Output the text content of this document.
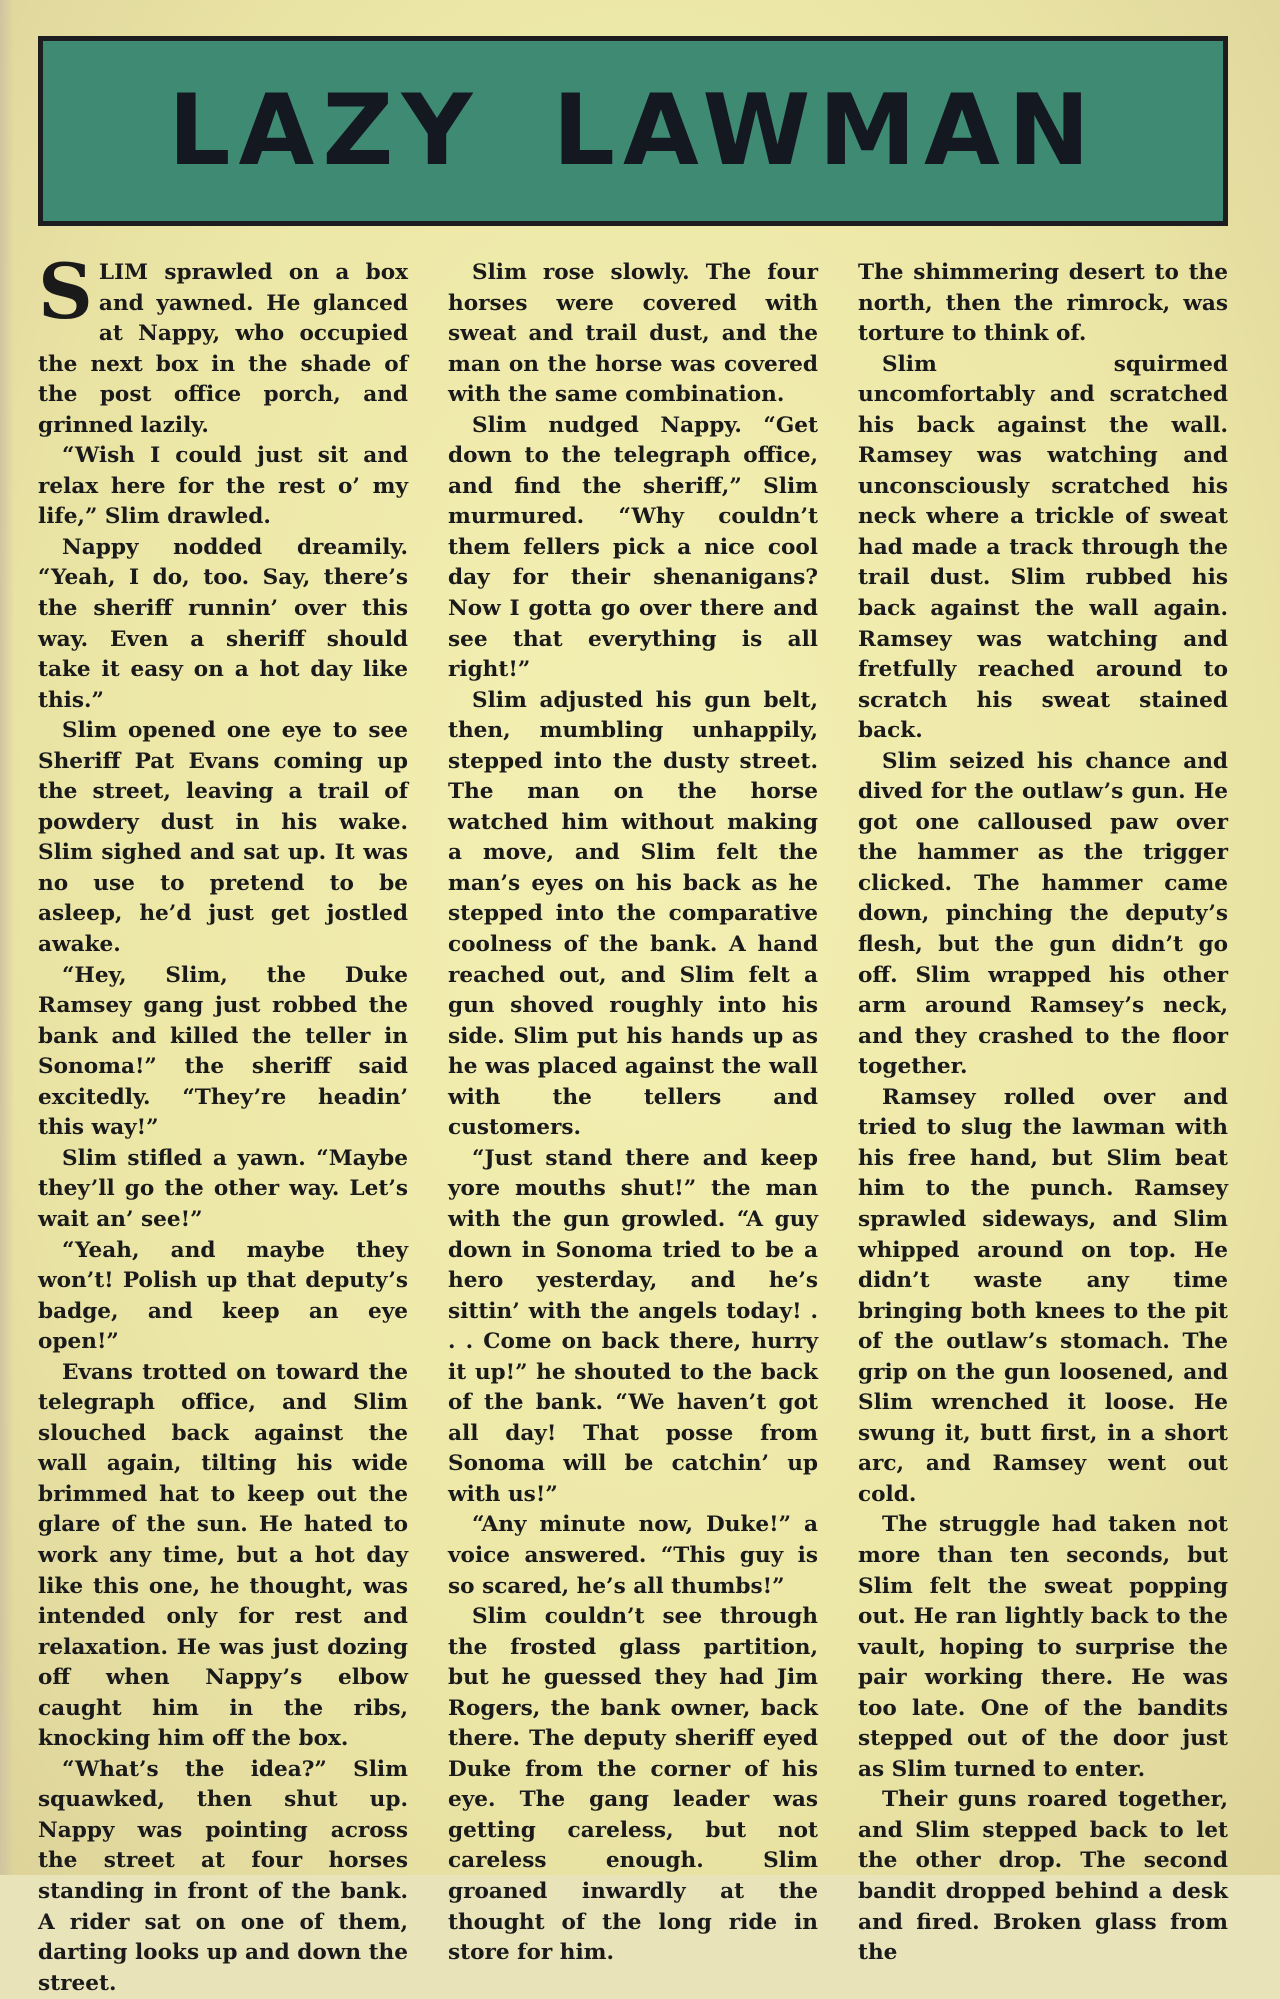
LAZY LAWMAN

SLIM sprawled on a box and yawned. He glanced at Nappy, who occupied the next box in the shade of the post office porch, and grinned lazily.

“Wish I could just sit and relax here for the rest o’ my life,” Slim drawled.

Nappy nodded dreamily. “Yeah, I do, too. Say, there’s the sheriff runnin’ over this way. Even a sheriff should take it easy on a hot day like this.”

Slim opened one eye to see Sheriff Pat Evans coming up the street, leaving a trail of powdery dust in his wake. Slim sighed and sat up. It was no use to pretend to be asleep, he’d just get jostled awake.

“Hey, Slim, the Duke Ramsey gang just robbed the bank and killed the teller in Sonoma!” the sheriff said excitedly. “They’re headin’ this way!”

Slim stifled a yawn. “Maybe they’ll go the other way. Let’s wait an’ see!”

“Yeah, and maybe they won’t! Polish up that deputy’s badge, and keep an eye open!”

Evans trotted on toward the telegraph office, and Slim slouched back against the wall again, tilting his wide brimmed hat to keep out the glare of the sun. He hated to work any time, but a hot day like this one, he thought, was intended only for rest and relaxation. He was just dozing off when Nappy’s elbow caught him in the ribs, knocking him off the box.

“What’s the idea?” Slim squawked, then shut up. Nappy was pointing across the street at four horses standing in front of the bank. A rider sat on one of them, darting looks up and down the street.

Slim rose slowly. The four horses were covered with sweat and trail dust, and the man on the horse was covered with the same combination.

Slim nudged Nappy. “Get down to the telegraph office, and find the sheriff,” Slim murmured. “Why couldn’t them fellers pick a nice cool day for their shenanigans? Now I gotta go over there and see that everything is all right!”

Slim adjusted his gun belt, then, mumbling unhappily, stepped into the dusty street. The man on the horse watched him without making a move, and Slim felt the man’s eyes on his back as he stepped into the comparative coolness of the bank. A hand reached out, and Slim felt a gun shoved roughly into his side. Slim put his hands up as he was placed against the wall with the tellers and customers.

“Just stand there and keep yore mouths shut!” the man with the gun growled. “A guy down in Sonoma tried to be a hero yesterday, and he’s sittin’ with the angels today! . . . Come on back there, hurry it up!” he shouted to the back of the bank. “We haven’t got all day! That posse from Sonoma will be catchin’ up with us!”

“Any minute now, Duke!” a voice answered. “This guy is so scared, he’s all thumbs!”

Slim couldn’t see through the frosted glass partition, but he guessed they had Jim Rogers, the bank owner, back there. The deputy sheriff eyed Duke from the corner of his eye. The gang leader was getting careless, but not careless enough. Slim groaned inwardly at the thought of the long ride in store for him.

The shimmering desert to the north, then the rimrock, was torture to think of.

Slim squirmed uncomfortably and scratched his back against the wall. Ramsey was watching and unconsciously scratched his neck where a trickle of sweat had made a track through the trail dust. Slim rubbed his back against the wall again. Ramsey was watching and fretfully reached around to scratch his sweat stained back.

Slim seized his chance and dived for the outlaw’s gun. He got one calloused paw over the hammer as the trigger clicked. The hammer came down, pinching the deputy’s flesh, but the gun didn’t go off. Slim wrapped his other arm around Ramsey’s neck, and they crashed to the floor together.

Ramsey rolled over and tried to slug the lawman with his free hand, but Slim beat him to the punch. Ramsey sprawled sideways, and Slim whipped around on top. He didn’t waste any time bringing both knees to the pit of the outlaw’s stomach. The grip on the gun loosened, and Slim wrenched it loose. He swung it, butt first, in a short arc, and Ramsey went out cold.

The struggle had taken not more than ten seconds, but Slim felt the sweat popping out. He ran lightly back to the vault, hoping to surprise the pair working there. He was too late. One of the bandits stepped out of the door just as Slim turned to enter.

Their guns roared together, and Slim stepped back to let the other drop. The second bandit dropped behind a desk and fired. Broken glass from the
